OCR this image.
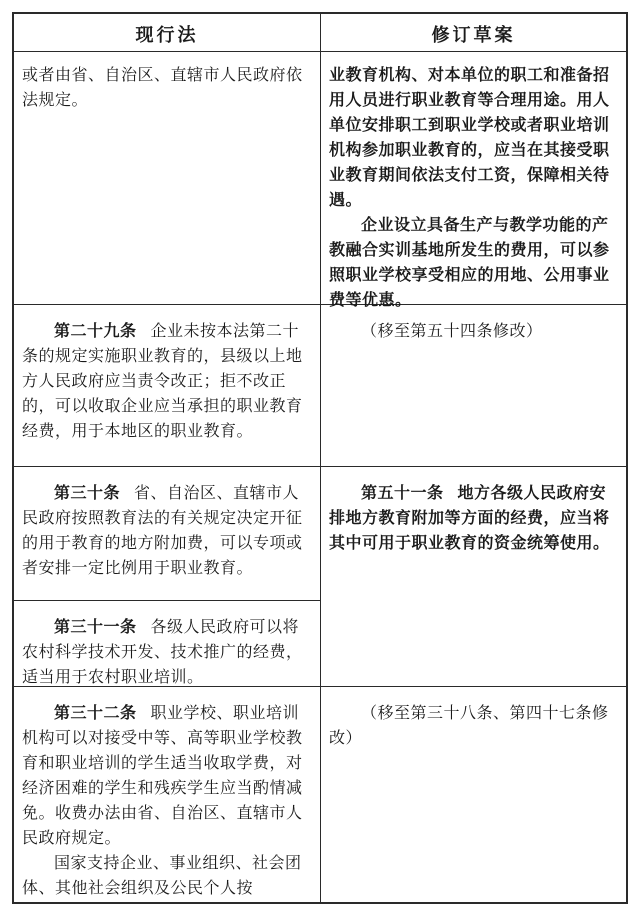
现行法	修订草案

或者由省、自治区、直辖市人民政府依法规定。

业教育机构、对本单位的职工和准备招用人员进行职业教育等合理用途。用人单位安排职工到职业学校或者职业培训机构参加职业教育的，应当在其接受职业教育期间依法支付工资，保障相关待遇。

企业设立具备生产与教学功能的产教融合实训基地所发生的费用，可以参照职业学校享受相应的用地、公用事业费等优惠。

第二十九条 企业未按本法第二十条的规定实施职业教育的，县级以上地方人民政府应当责令改正；拒不改正的，可以收取企业应当承担的职业教育经费，用于本地区的职业教育。

（移至第五十四条修改）

第三十条 省、自治区、直辖市人民政府按照教育法的有关规定决定开征的用于教育的地方附加费，可以专项或者安排一定比例用于职业教育。

第五十一条 地方各级人民政府安排地方教育附加等方面的经费，应当将其中可用于职业教育的资金统筹使用。

第三十一条 各级人民政府可以将农村科学技术开发、技术推广的经费，适当用于农村职业培训。

第三十二条 职业学校、职业培训机构可以对接受中等、高等职业学校教育和职业培训的学生适当收取学费，对经济困难的学生和残疾学生应当酌情减免。收费办法由省、自治区、直辖市人民政府规定。

国家支持企业、事业组织、社会团体、其他社会组织及公民个人按

（移至第三十八条、第四十七条修改）
